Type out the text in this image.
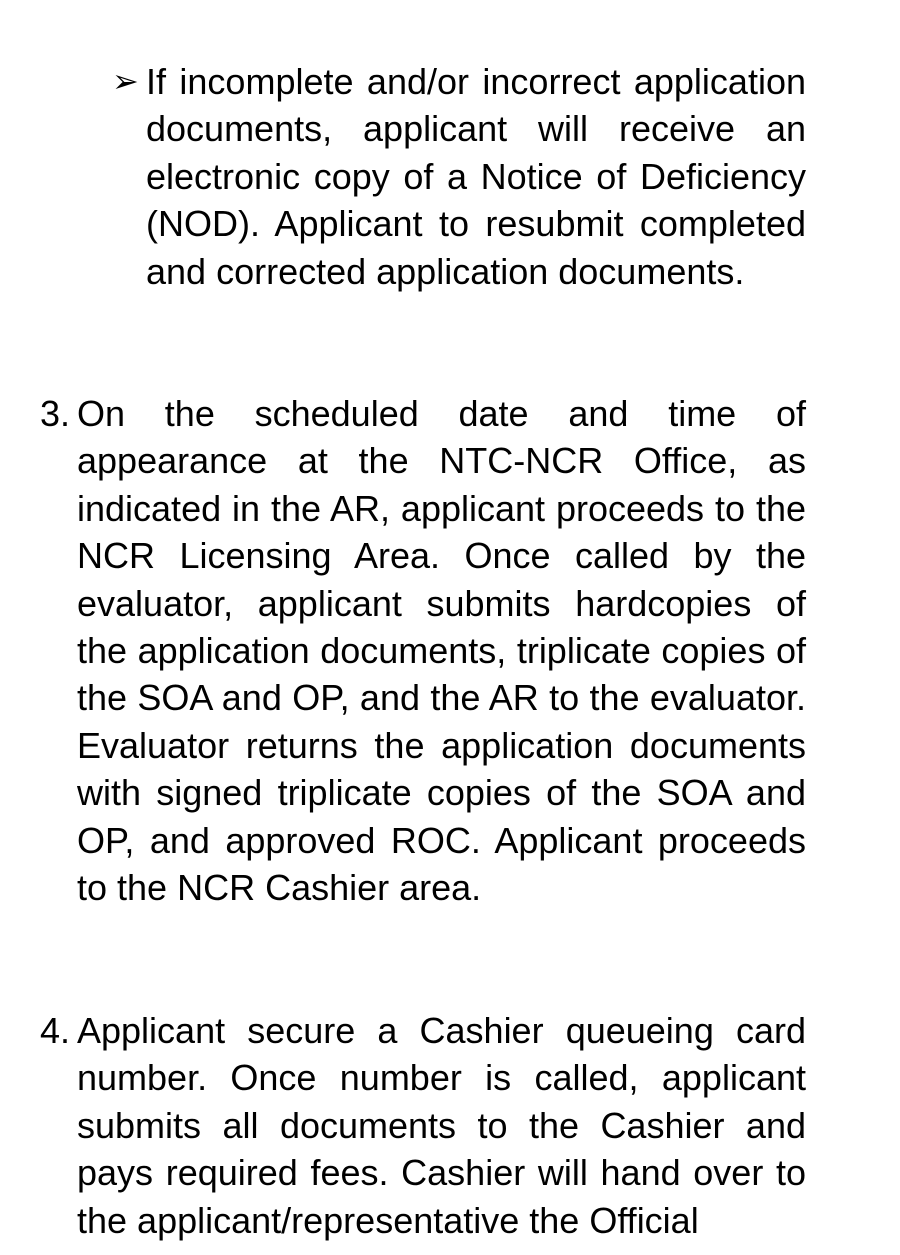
➢ If incomplete and/or incorrect application documents, applicant will receive an electronic copy of a Notice of Deficiency (NOD). Applicant to resubmit completed and corrected application documents.

3. On the scheduled date and time of appearance at the NTC-NCR Office, as indicated in the AR, applicant proceeds to the NCR Licensing Area. Once called by the evaluator, applicant submits hardcopies of the application documents, triplicate copies of the SOA and OP, and the AR to the evaluator. Evaluator returns the application documents with signed triplicate copies of the SOA and OP, and approved ROC. Applicant proceeds to the NCR Cashier area.

4. Applicant secure a Cashier queueing card number. Once number is called, applicant submits all documents to the Cashier and pays required fees. Cashier will hand over to the applicant/representative the Official
